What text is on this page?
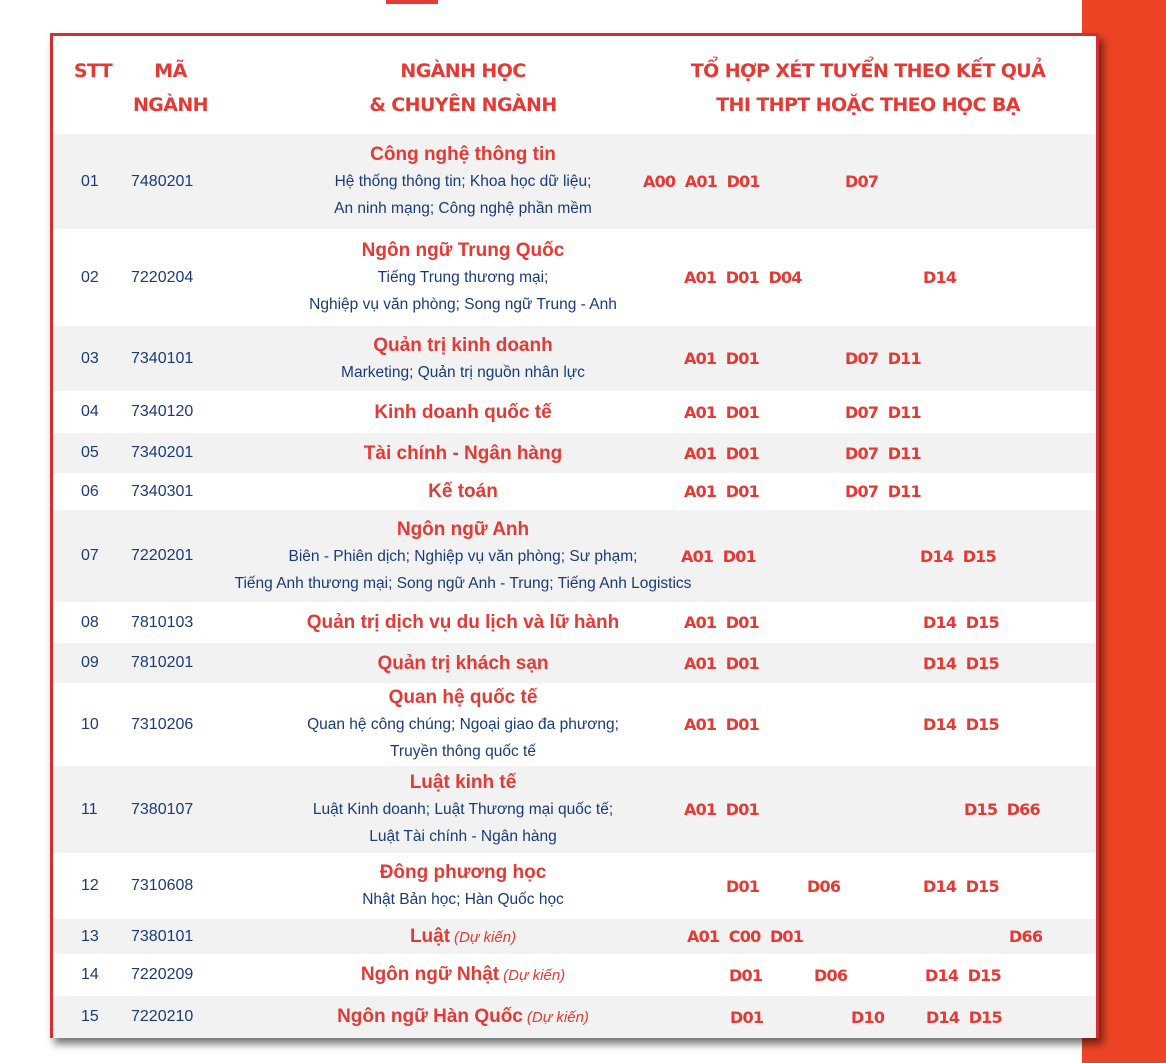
STT	MÃ
NGÀNH
NGÀNH HỌC
& CHUYÊN NGÀNH
TỔ HỢP XÉT TUYỂN THEO KẾT QUẢ
THI THPT HOẶC THEO HỌC BẠ
01 7480201
Công nghệ thông tin
Hệ thống thông tin; Khoa học dữ liệu;
An ninh mạng; Công nghệ phần mềm
A00  A01  D01	D07
02 7220204
Ngôn ngữ Trung Quốc
Tiếng Trung thương mại;
Nghiệp vụ văn phòng; Song ngữ Trung - Anh
A01  D01  D04	D14
03 7340101
Quản trị kinh doanh
Marketing; Quản trị nguồn nhân lực
A01  D01	D07  D11
04 7340120	Kinh doanh quốc tế	A01  D01	D07  D11
05 7340201	Tài chính - Ngân hàng	A01  D01	D07  D11
06 7340301	Kế toán	A01  D01	D07  D11
07 7220201
Ngôn ngữ Anh
Biên - Phiên dịch; Nghiệp vụ văn phòng; Sư phạm;
Tiếng Anh thương mại; Song ngữ Anh - Trung; Tiếng Anh Logistics
A01  D01	D14  D15
08 7810103	Quản trị dịch vụ du lịch và lữ hành	A01  D01	D14  D15
09 7810201	Quản trị khách sạn	A01  D01	D14  D15
10 7310206
Quan hệ quốc tế
Quan hệ công chúng; Ngoại giao đa phương;
Truyền thông quốc tế
A01  D01	D14  D15
11 7380107
Luật kinh tế
Luật Kinh doanh; Luật Thương mại quốc tế;
Luật Tài chính - Ngân hàng
A01  D01	D15  D66
12 7310608
Đông phương học
Nhật Bản học; Hàn Quốc học
D01	D06	D14  D15
13 7380101	Luật (Dự kiến)	A01  C00  D01	D66
14 7220209	Ngôn ngữ Nhật (Dự kiến)	D01	D06	D14  D15
15 7220210	Ngôn ngữ Hàn Quốc (Dự kiến)	D01	D10	D14  D15
